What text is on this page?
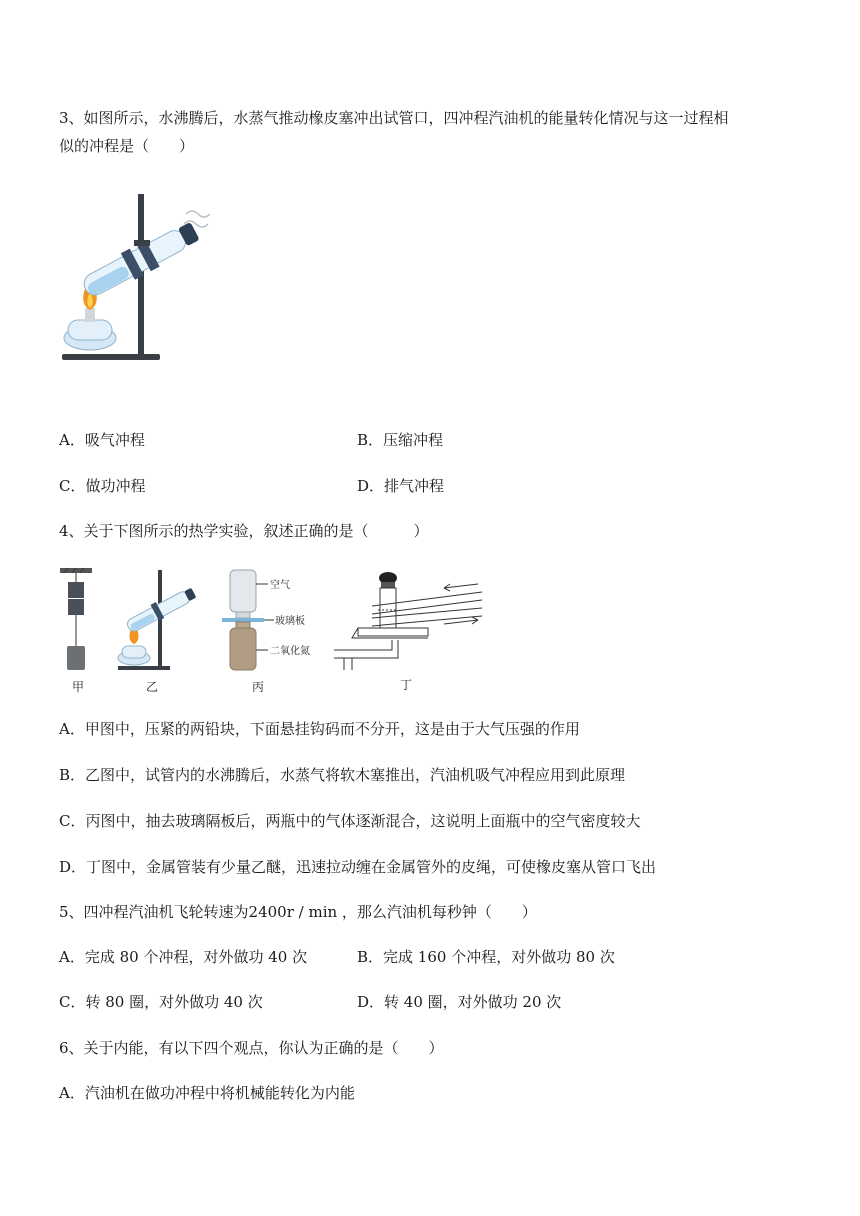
3、如图所示，水沸腾后，水蒸气推动橡皮塞冲出试管口，四冲程汽油机的能量转化情况与这一过程相
似的冲程是（　　）
A．吸气冲程	B．压缩冲程
C．做功冲程	D．排气冲程
4、关于下图所示的热学实验，叙述正确的是（　　　）
甲	乙
空气
玻璃板
二氧化氮
丙	丁
A．甲图中，压紧的两铅块，下面悬挂钩码而不分开，这是由于大气压强的作用
B．乙图中，试管内的水沸腾后，水蒸气将软木塞推出，汽油机吸气冲程应用到此原理
C．丙图中，抽去玻璃隔板后，两瓶中的气体逐渐混合，这说明上面瓶中的空气密度较大
D．丁图中，金属管装有少量乙醚，迅速拉动缠在金属管外的皮绳，可使橡皮塞从管口飞出
5、四冲程汽油机飞轮转速为2400r / min ，那么汽油机每秒钟（　　）
A．完成 80 个冲程，对外做功 40 次	B．完成 160 个冲程，对外做功 80 次
C．转 80 圈，对外做功 40 次	D．转 40 圈，对外做功 20 次
6、关于内能，有以下四个观点，你认为正确的是（　　）
A．汽油机在做功冲程中将机械能转化为内能
